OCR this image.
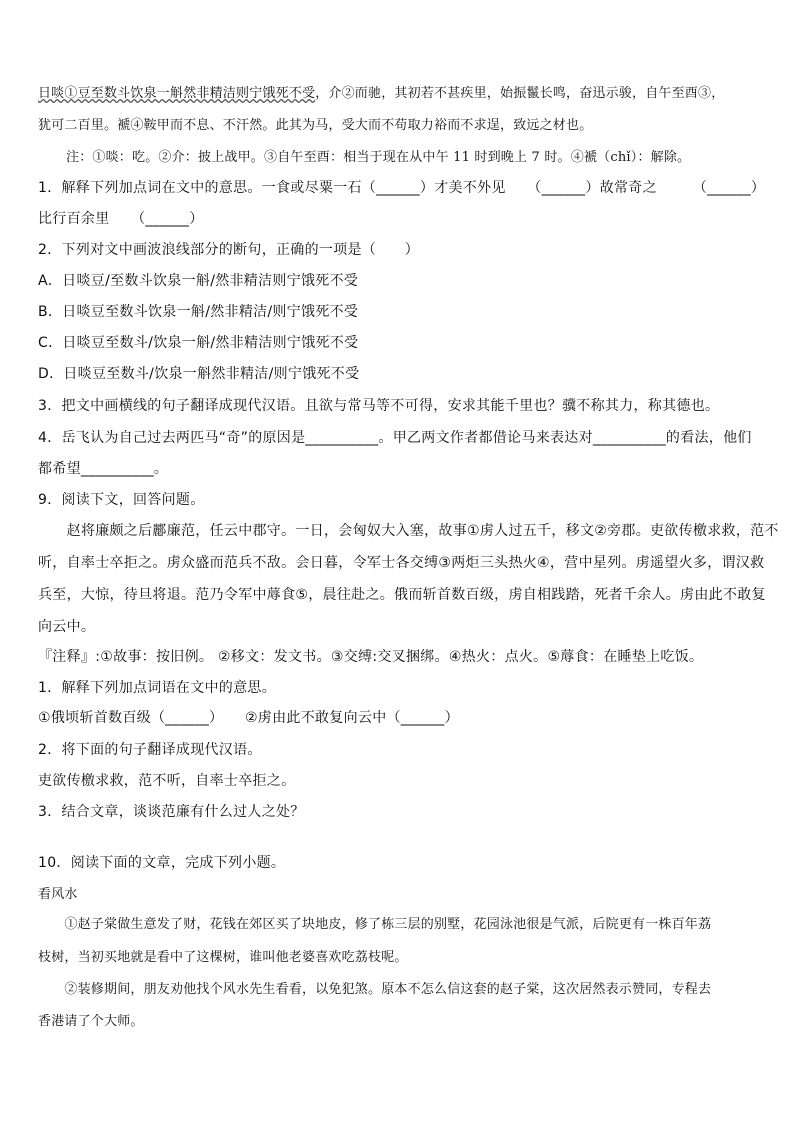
日啖①豆至数斗饮泉一斛然非精洁则宁饿死不受，介②而驰，其初若不甚疾里，始振鬣长鸣，奋迅示骏，自午至酉③，
犹可二百里。褫④鞍甲而不息、不汗然。此其为马，受大而不苟取力裕而不求逞，致远之材也。
注：①啖：吃。②介：披上战甲。③自午至酉：相当于现在从中午 11 时到晚上 7 时。④褫（chǐ）：解除。
1．解释下列加点词在文中的意思。一食或尽粟一石（______）才美不外见　　（______）故常奇之　　　（______）
比行百余里　　（______）
2．下列对文中画波浪线部分的断句，正确的一项是（　　）
A．日啖豆/至数斗饮泉一斛/然非精洁则宁饿死不受
B．日啖豆至数斗饮泉一斛/然非精洁/则宁饿死不受
C．日啖豆至数斗/饮泉一斛/然非精洁则宁饿死不受
D．日啖豆至数斗/饮泉一斛然非精洁/则宁饿死不受
3．把文中画横线的句子翻译成现代汉语。且欲与常马等不可得，安求其能千里也？骥不称其力，称其德也。
4．岳飞认为自己过去两匹马“奇”的原因是__________。甲乙两文作者都借论马来表达对__________的看法，他们
都希望__________。
9．阅读下文，回答问题。
　　赵将廉颇之后酈廉范，任云中郡守。一日，会匈奴大入塞，故事①虏人过五千，移文②旁郡。吏欲传檄求救，范不
听，自率士卒拒之。虏众盛而范兵不敌。会日暮，令军士各交缚③两炬三头热火④，营中星列。虏遥望火多，谓汉救
兵至，大惊，待旦将退。范乃令军中蓐食⑤，晨往赴之。俄而斩首数百级，虏自相践踏，死者千余人。虏由此不敢复
向云中。
『注释』:①故事：按旧例。 ②移文：发文书。③交缚:交叉捆绑。④热火：点火。⑤蓐食：在睡垫上吃饭。
1．解释下列加点词语在文中的意思。
①俄顷斩首数百级（______）　　②虏由此不敢复向云中（______）
2．将下面的句子翻译成现代汉语。
吏欲传檄求救，范不听，自率士卒拒之。
3．结合文章，谈谈范廉有什么过人之处？
10．阅读下面的文章，完成下列小题。
看风水
　　①赵子棠做生意发了财，花钱在郊区买了块地皮，修了栋三层的别墅，花园泳池很是气派，后院更有一株百年荔
枝树，当初买地就是看中了这棵树，谁叫他老婆喜欢吃荔枝呢。
　　②装修期间，朋友劝他找个风水先生看看，以免犯煞。原本不怎么信这套的赵子棠，这次居然表示赞同，专程去
香港请了个大师。
